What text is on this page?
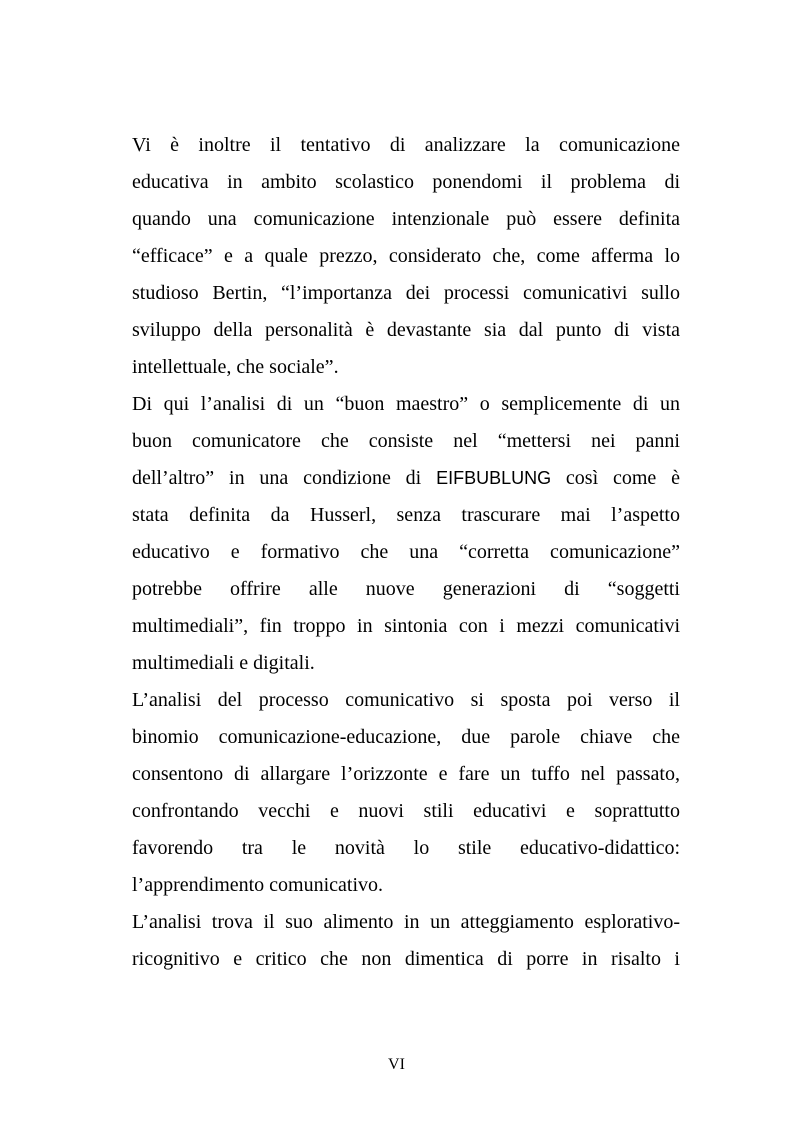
Vi è inoltre il tentativo di analizzare la comunicazione
educativa in ambito scolastico ponendomi il problema di
quando una comunicazione intenzionale può essere definita
“efficace” e a quale prezzo, considerato che, come afferma lo
studioso Bertin, “l’importanza dei processi comunicativi sullo
sviluppo della personalità è devastante sia dal punto di vista
intellettuale, che sociale”.
Di qui l’analisi di un “buon maestro” o semplicemente di un
buon comunicatore che consiste nel “mettersi nei panni
dell’altro” in una condizione di EIFBUBLUNG così come è
stata definita da Husserl, senza trascurare mai l’aspetto
educativo e formativo che una “corretta comunicazione”
potrebbe offrire alle nuove generazioni di “soggetti
multimediali”, fin troppo in sintonia con i mezzi comunicativi
multimediali e digitali.
L’analisi del processo comunicativo si sposta poi verso il
binomio comunicazione-educazione, due parole chiave che
consentono di allargare l’orizzonte e fare un tuffo nel passato,
confrontando vecchi e nuovi stili educativi e soprattutto
favorendo tra le novità lo stile educativo-didattico:
l’apprendimento comunicativo.
L’analisi trova il suo alimento in un atteggiamento esplorativo-
ricognitivo e critico che non dimentica di porre in risalto i
VI
